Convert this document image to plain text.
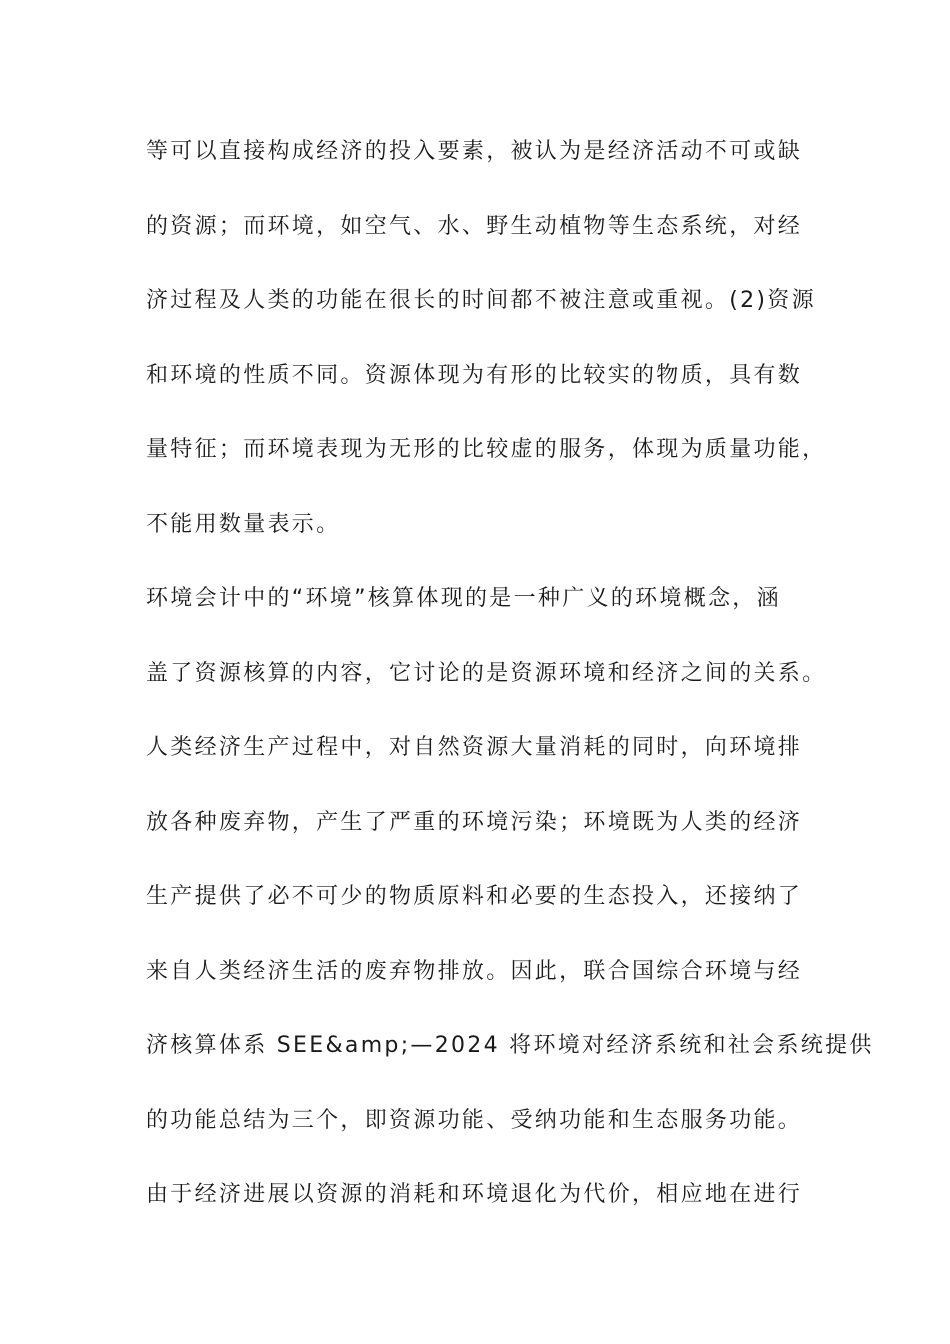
等可以直接构成经济的投入要素，被认为是经济活动不可或缺
的资源；而环境，如空气、水、野生动植物等生态系统，对经
济过程及人类的功能在很长的时间都不被注意或重视。(2)资源
和环境的性质不同。资源体现为有形的比较实的物质，具有数
量特征；而环境表现为无形的比较虚的服务，体现为质量功能，
不能用数量表示。
环境会计中的“环境”核算体现的是一种广义的环境概念，涵
盖了资源核算的内容，它讨论的是资源环境和经济之间的关系。
人类经济生产过程中，对自然资源大量消耗的同时，向环境排
放各种废弃物，产生了严重的环境污染；环境既为人类的经济
生产提供了必不可少的物质原料和必要的生态投入，还接纳了
来自人类经济生活的废弃物排放。因此，联合国综合环境与经
济核算体系 SEE&amp;—2024 将环境对经济系统和社会系统提供
的功能总结为三个，即资源功能、受纳功能和生态服务功能。
由于经济进展以资源的消耗和环境退化为代价，相应地在进行
